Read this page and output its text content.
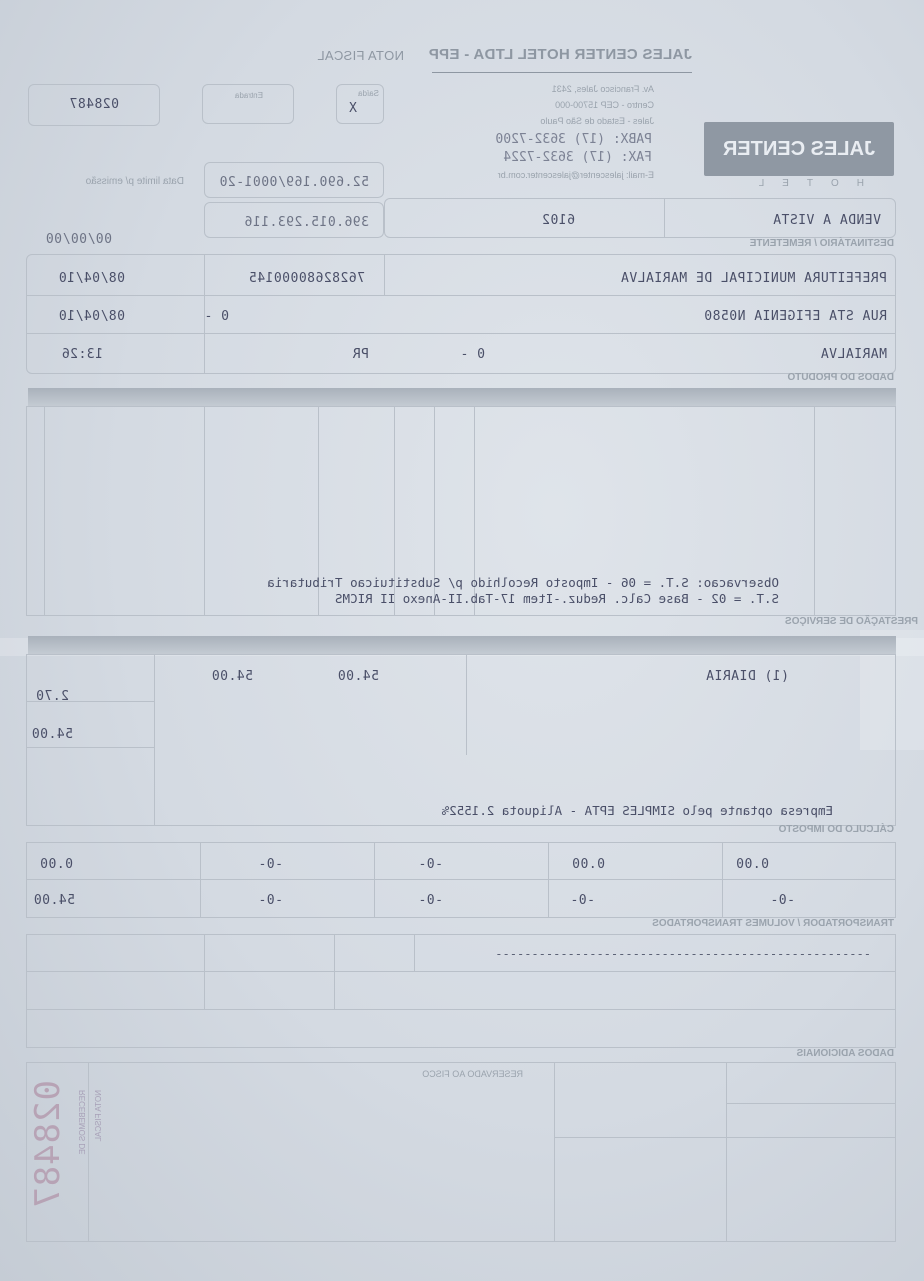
JALES CENTER HOTEL LTDA - EPP
NOTA FISCAL
JALES CENTER
HOTEL
Av. Francisco Jales, 2431
Centro - CEP 15700-000
Jales - Estado de São Paulo
PABX: (17) 3632-7200
FAX: (17) 3632-7224
E-mail: jalescenter@jalescenter.com.br
Saída
X
Entrada
028487
52.690.169/0001-20
396.015.293.116
Data limite p/ emissão
00/00/00
VENDA A VISTA
6102
DESTINATÁRIO / REMETENTE
PREFEITURA MUNICIPAL DE MARIALVA
76282680000145
08/04/10
RUA STA EFIGENIA N0580
0 -
08/04/10
MARIALVA
0 -
PR
13:26
DADOS DO PRODUTO
Observacao: S.T. = 06 - Imposto Recolhido p/ Substituicao Tributaria
S.T. = 02 - Base Calc. Reduz.-Item 17-Tab.II-Anexo II RICMS
PRESTAÇÃO DE SERVIÇOS
(1) DIARIA
54.00
54.00
2.70
54.00
Empresa optante pelo SIMPLES EPTA - Aliquota 2.1552%
CÁLCULO DO IMPOSTO
0.00
0.00
-0-
-0-
0.00
-0-
-0-
-0-
-0-
54.00
TRANSPORTADOR / VOLUMES TRANSPORTADOS
----------------------------------------------------
DADOS ADICIONAIS
RESERVADO AO FISCO
028487	NOTA FISCAL
RECEBEMOS DE
